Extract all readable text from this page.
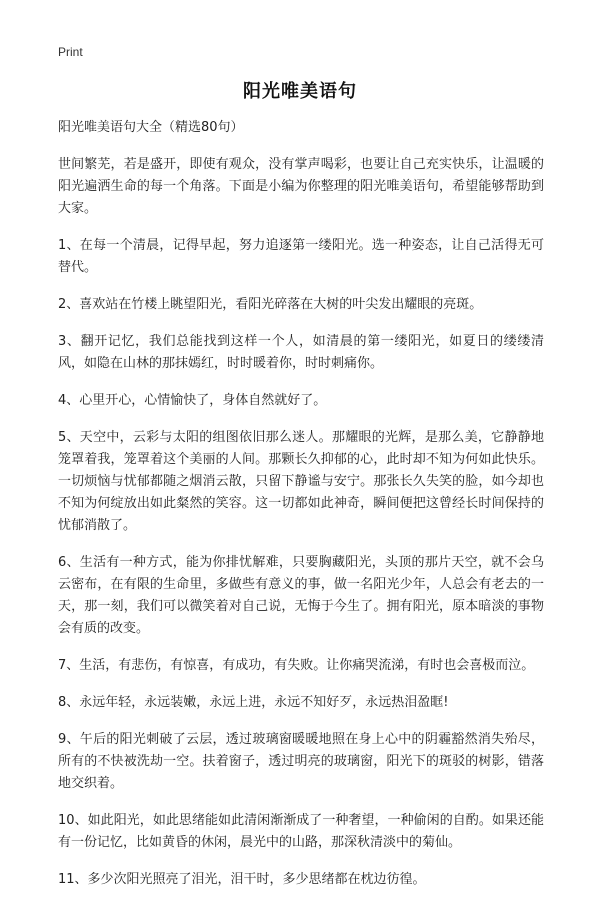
Print
阳光唯美语句
阳光唯美语句大全（精选80句）

世间繁芜，若是盛开，即使有观众，没有掌声喝彩，也要让自己充实快乐，让温暖的阳光遍洒生命的每一个角落。下面是小编为你整理的阳光唯美语句，希望能够帮助到大家。

1、在每一个清晨，记得早起，努力追逐第一缕阳光。选一种姿态，让自己活得无可替代。

2、喜欢站在竹楼上眺望阳光，看阳光碎落在大树的叶尖发出耀眼的亮斑。

3、翻开记忆，我们总能找到这样一个人，如清晨的第一缕阳光，如夏日的缕缕清风，如隐在山林的那抹嫣红，时时暖着你，时时刺痛你。

4、心里开心，心情愉快了，身体自然就好了。

5、天空中，云彩与太阳的组图依旧那么迷人。那耀眼的光辉，是那么美，它静静地笼罩着我，笼罩着这个美丽的人间。那颗长久抑郁的心，此时却不知为何如此快乐。一切烦恼与忧郁都随之烟消云散，只留下静谧与安宁。那张长久失笑的脸，如今却也不知为何绽放出如此粲然的笑容。这一切都如此神奇，瞬间便把这曾经长时间保持的忧郁消散了。

6、生活有一种方式，能为你排忧解难，只要胸藏阳光，头顶的那片天空，就不会乌云密布，在有限的生命里，多做些有意义的事，做一名阳光少年，人总会有老去的一天，那一刻，我们可以微笑着对自己说，无悔于今生了。拥有阳光，原本暗淡的事物会有质的改变。

7、生活，有悲伤，有惊喜，有成功，有失败。让你痛哭流涕，有时也会喜极而泣。

8、永远年轻，永远装嫩，永远上进，永远不知好歹，永远热泪盈眶!

9、午后的阳光刺破了云层，透过玻璃窗暖暖地照在身上心中的阴霾豁然消失殆尽，所有的不快被洗劫一空。扶着窗子，透过明亮的玻璃窗，阳光下的斑驳的树影，错落地交织着。

10、如此阳光，如此思绪能如此清闲渐渐成了一种奢望，一种偷闲的自酌。如果还能有一份记忆，比如黄昏的休闲，晨光中的山路，那深秋清淡中的菊仙。

11、多少次阳光照亮了泪光，泪干时，多少思绪都在枕边彷徨。
